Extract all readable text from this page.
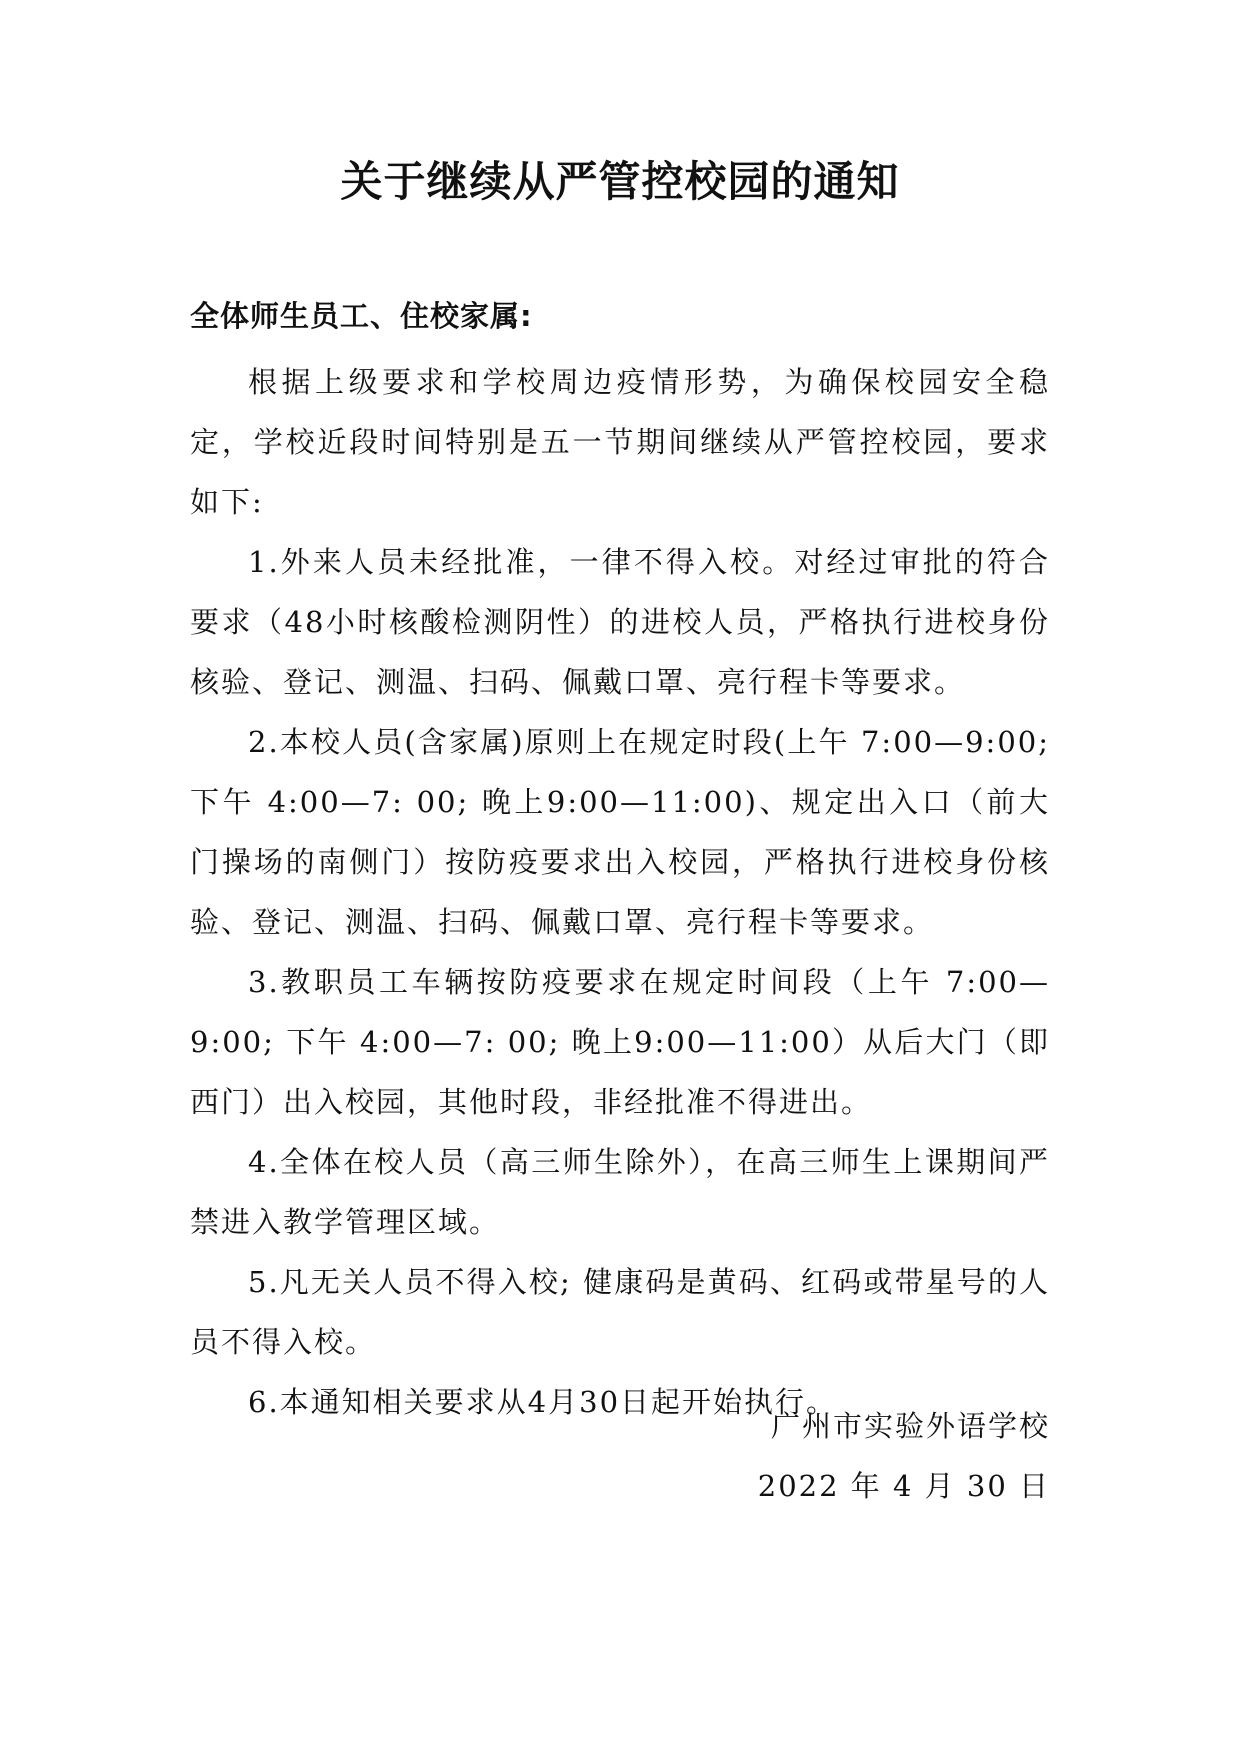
关于继续从严管控校园的通知
全体师生员工、住校家属:

根据上级要求和学校周边疫情形势，为确保校园安全稳定，学校近段时间特别是五一节期间继续从严管控校园，要求如下:

1.外来人员未经批准，一律不得入校。对经过审批的符合要求（48小时核酸检测阴性）的进校人员，严格执行进校身份核验、登记、测温、扫码、佩戴口罩、亮行程卡等要求。

2.本校人员(含家属)原则上在规定时段(上午 7:00—9:00;下午 4:00—7: 00; 晚上9:00—11:00)、规定出入口（前大门操场的南侧门）按防疫要求出入校园，严格执行进校身份核验、登记、测温、扫码、佩戴口罩、亮行程卡等要求。

3.教职员工车辆按防疫要求在规定时间段（上午 7:00—9:00; 下午 4:00—7: 00; 晚上9:00—11:00）从后大门（即西门）出入校园，其他时段，非经批准不得进出。

4.全体在校人员（高三师生除外），在高三师生上课期间严禁进入教学管理区域。

5.凡无关人员不得入校; 健康码是黄码、红码或带星号的人员不得入校。

6.本通知相关要求从4月30日起开始执行。

广州市实验外语学校
2022 年 4 月 30 日
